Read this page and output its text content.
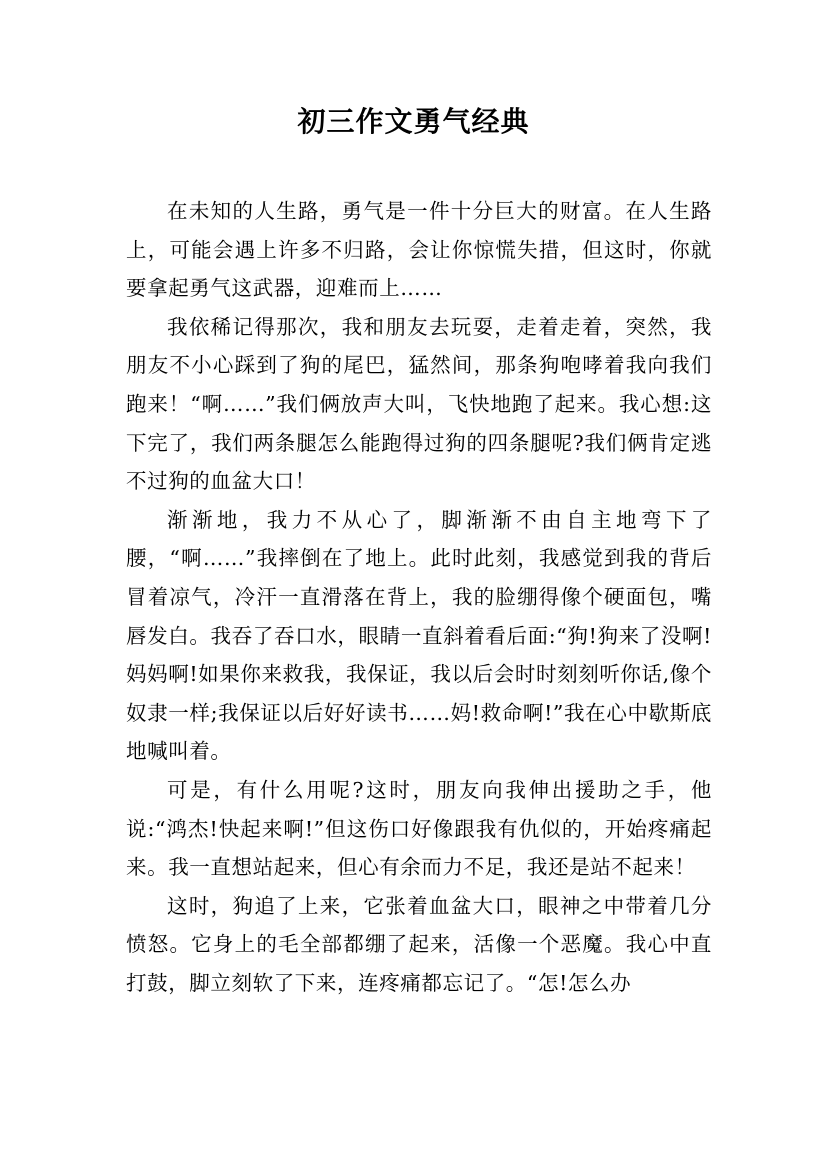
初三作文勇气经典

在未知的人生路，勇气是一件十分巨大的财富。在人生路上，可能会遇上许多不归路，会让你惊慌失措，但这时，你就要拿起勇气这武器，迎难而上……

我依稀记得那次，我和朋友去玩耍，走着走着，突然，我朋友不小心踩到了狗的尾巴，猛然间，那条狗咆哮着我向我们跑来！“啊……”我们俩放声大叫，飞快地跑了起来。我心想:这下完了，我们两条腿怎么能跑得过狗的四条腿呢?我们俩肯定逃不过狗的血盆大口！

渐渐地，我力不从心了，脚渐渐不由自主地弯下了腰，“啊……”我摔倒在了地上。此时此刻，我感觉到我的背后冒着凉气，冷汗一直滑落在背上，我的脸绷得像个硬面包，嘴唇发白。我吞了吞口水，眼睛一直斜着看后面:“狗!狗来了没啊!妈妈啊!如果你来救我，我保证，我以后会时时刻刻听你话,像个奴隶一样;我保证以后好好读书……妈!救命啊!”我在心中歇斯底地喊叫着。

可是，有什么用呢?这时，朋友向我伸出援助之手，他说:“鸿杰!快起来啊!”但这伤口好像跟我有仇似的，开始疼痛起来。我一直想站起来，但心有余而力不足，我还是站不起来！

这时，狗追了上来，它张着血盆大口，眼神之中带着几分愤怒。它身上的毛全部都绷了起来，活像一个恶魔。我心中直打鼓，脚立刻软了下来，连疼痛都忘记了。“怎!怎么办
